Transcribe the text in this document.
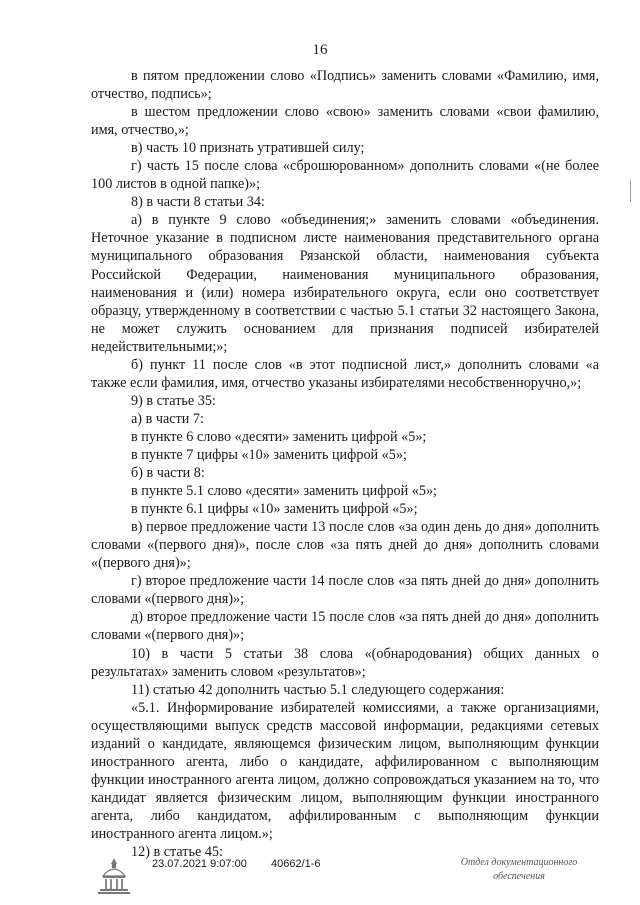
16

в пятом предложении слово «Подпись» заменить словами «Фамилию, имя, отчество, подпись»;

в шестом предложении слово «свою» заменить словами «свои фамилию, имя, отчество,»;

в) часть 10 признать утратившей силу;

г) часть 15 после слова «сброшюрованном» дополнить словами «(не более 100 листов в одной папке)»;

8) в части 8 статьи 34:

а) в пункте 9 слово «объединения;» заменить словами «объединения. Неточное указание в подписном листе наименования представительного органа муниципального образования Рязанской области, наименования субъекта Российской Федерации, наименования муниципального образования, наименования и (или) номера избирательного округа, если оно соответствует образцу, утвержденному в соответствии с частью 5.1 статьи 32 настоящего Закона, не может служить основанием для признания подписей избирателей недействительными;»;

б) пункт 11 после слов «в этот подписной лист,» дополнить словами «а также если фамилия, имя, отчество указаны избирателями несобственноручно,»;

9) в статье 35:

а) в части 7:

в пункте 6 слово «десяти» заменить цифрой «5»;

в пункте 7 цифры «10» заменить цифрой «5»;

б) в части 8:

в пункте 5.1 слово «десяти» заменить цифрой «5»;

в пункте 6.1 цифры «10» заменить цифрой «5»;

в) первое предложение части 13 после слов «за один день до дня» дополнить словами «(первого дня)», после слов «за пять дней до дня» дополнить словами «(первого дня)»;

г) второе предложение части 14 после слов «за пять дней до дня» дополнить словами «(первого дня)»;

д) второе предложение части 15 после слов «за пять дней до дня» дополнить словами «(первого дня)»;

10) в части 5 статьи 38 слова «(обнародования) общих данных о результатах» заменить словом «результатов»;

11) статью 42 дополнить частью 5.1 следующего содержания:

«5.1. Информирование избирателей комиссиями, а также организациями, осуществляющими выпуск средств массовой информации, редакциями сетевых изданий о кандидате, являющемся физическим лицом, выполняющим функции иностранного агента, либо о кандидате, аффилированном с выполняющим функции иностранного агента лицом, должно сопровождаться указанием на то, что кандидат является физическим лицом, выполняющим функции иностранного агента, либо кандидатом, аффилированным с выполняющим функции иностранного агента лицом.»;

12) в статье 45:

23.07.2021 9:07:00 40662/1-6	Отдел документационного
обеспечения
